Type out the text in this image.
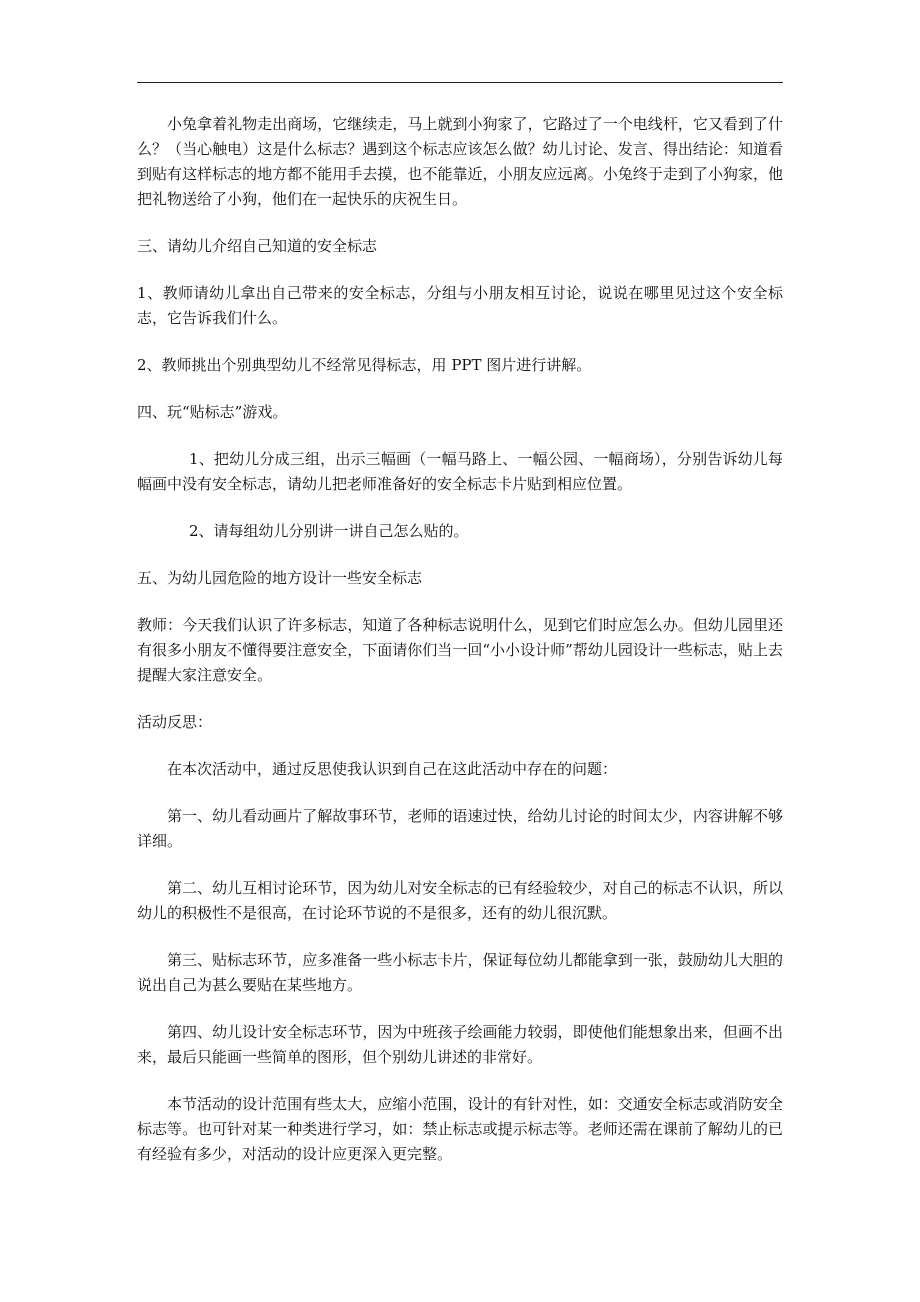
小兔拿着礼物走出商场，它继续走，马上就到小狗家了，它路过了一个电线杆，它又看到了什么？（当心触电）这是什么标志？遇到这个标志应该怎么做？幼儿讨论、发言、得出结论：知道看到贴有这样标志的地方都不能用手去摸，也不能靠近，小朋友应远离。小兔终于走到了小狗家，他把礼物送给了小狗，他们在一起快乐的庆祝生日。

三、请幼儿介绍自己知道的安全标志

1、教师请幼儿拿出自己带来的安全标志，分组与小朋友相互讨论，说说在哪里见过这个安全标志，它告诉我们什么。

2、教师挑出个别典型幼儿不经常见得标志，用 PPT 图片进行讲解。

四、玩“贴标志”游戏。

1、把幼儿分成三组，出示三幅画（一幅马路上、一幅公园、一幅商场），分别告诉幼儿每幅画中没有安全标志，请幼儿把老师准备好的安全标志卡片贴到相应位置。

2、请每组幼儿分别讲一讲自己怎么贴的。

五、为幼儿园危险的地方设计一些安全标志

教师：今天我们认识了许多标志，知道了各种标志说明什么，见到它们时应怎么办。但幼儿园里还有很多小朋友不懂得要注意安全，下面请你们当一回“小小设计师”帮幼儿园设计一些标志，贴上去提醒大家注意安全。

活动反思：

在本次活动中，通过反思使我认识到自己在这此活动中存在的问题：

第一、幼儿看动画片了解故事环节，老师的语速过快，给幼儿讨论的时间太少，内容讲解不够详细。

第二、幼儿互相讨论环节，因为幼儿对安全标志的已有经验较少，对自己的标志不认识，所以幼儿的积极性不是很高，在讨论环节说的不是很多，还有的幼儿很沉默。

第三、贴标志环节，应多准备一些小标志卡片，保证每位幼儿都能拿到一张，鼓励幼儿大胆的说出自己为甚么要贴在某些地方。

第四、幼儿设计安全标志环节，因为中班孩子绘画能力较弱，即使他们能想象出来，但画不出来，最后只能画一些简单的图形，但个别幼儿讲述的非常好。

本节活动的设计范围有些太大，应缩小范围，设计的有针对性，如：交通安全标志或消防安全标志等。也可针对某一种类进行学习，如：禁止标志或提示标志等。老师还需在课前了解幼儿的已有经验有多少，对活动的设计应更深入更完整。
